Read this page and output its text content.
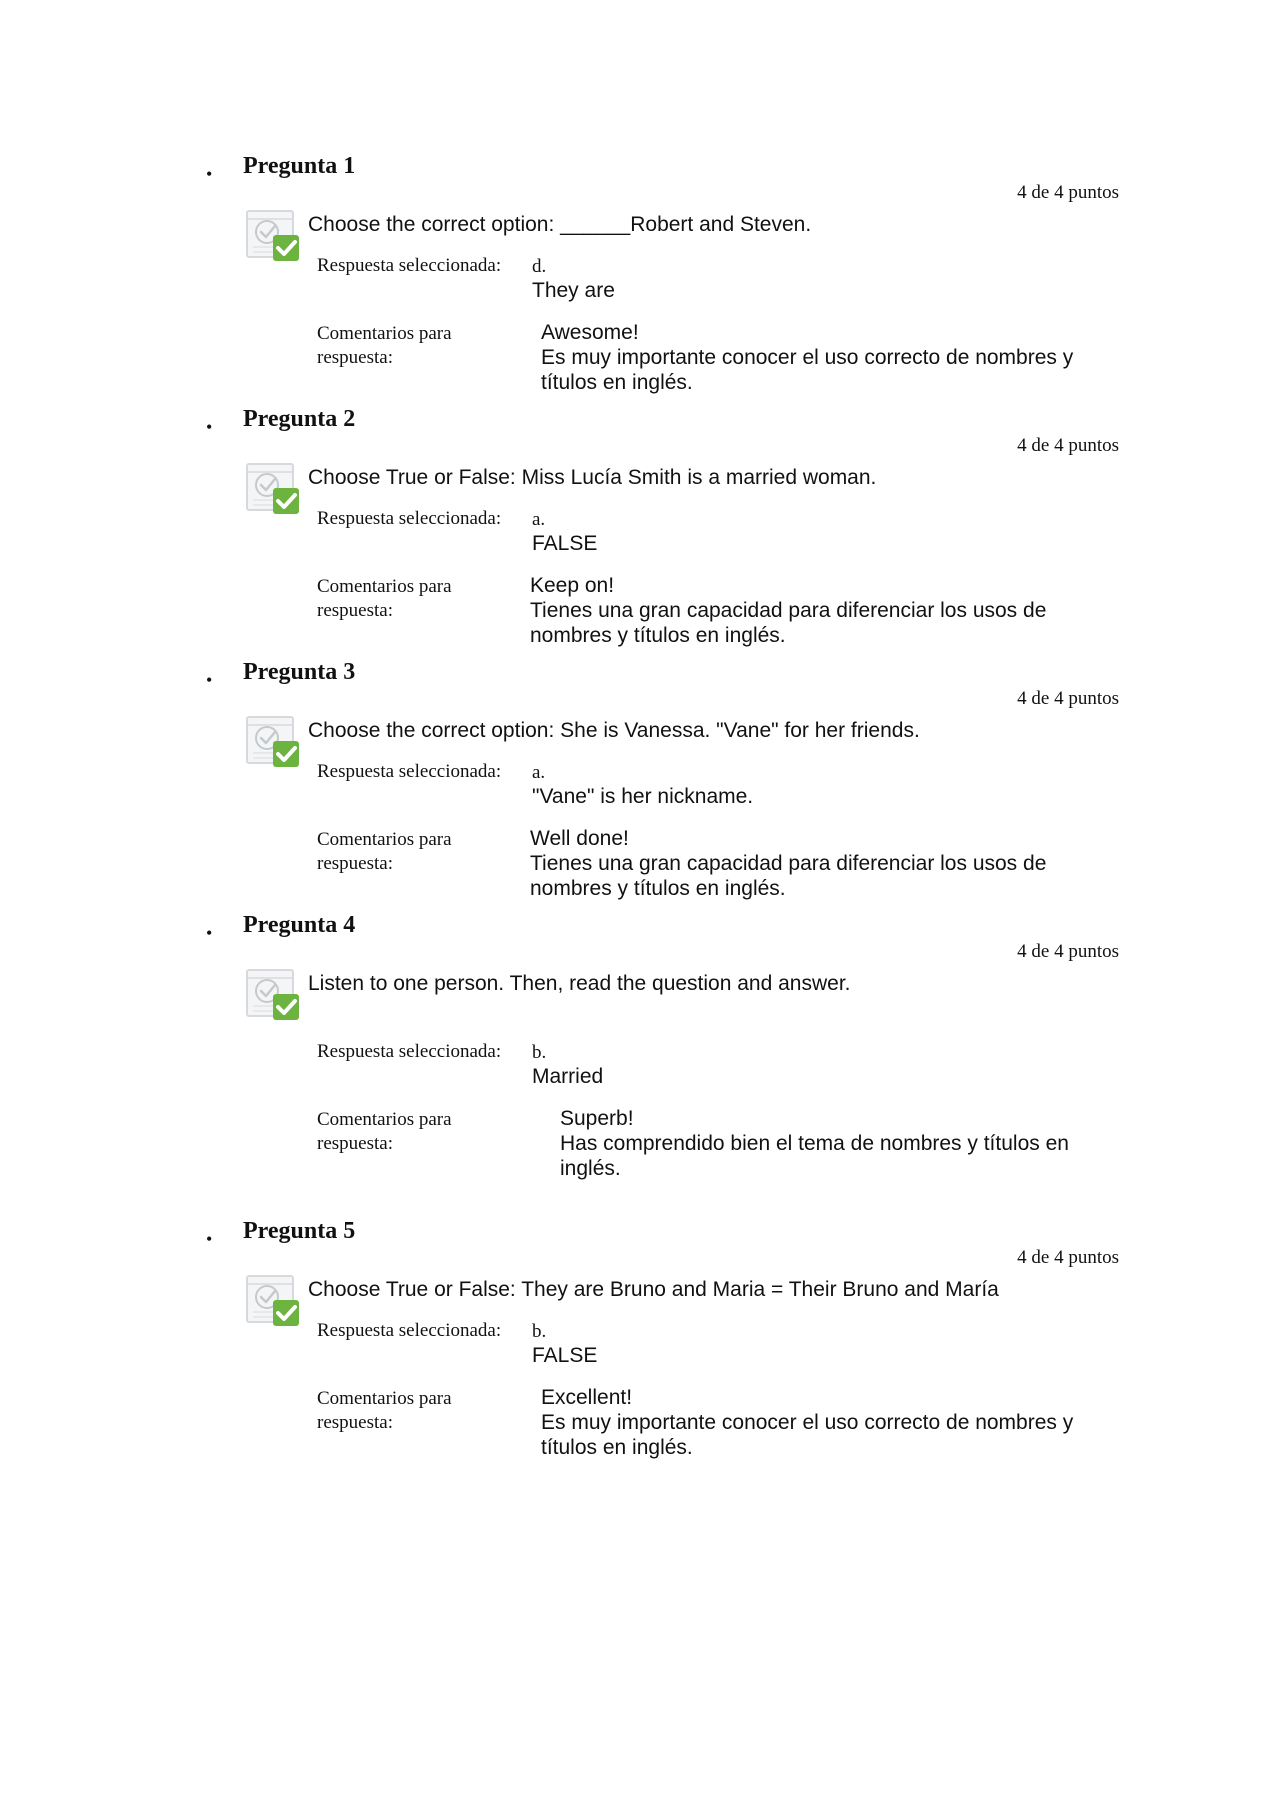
• Pregunta 1
4 de 4 puntos
Choose the correct option: ______Robert and Steven.
Respuesta seleccionada: d.
They are
Comentarios para respuesta:
Awesome!
Es muy importante conocer el uso correcto de nombres y títulos en inglés.
• Pregunta 2
4 de 4 puntos
Choose True or False: Miss Lucía Smith is a married woman.
Respuesta seleccionada: a.
FALSE
Comentarios para respuesta:
Keep on!
Tienes una gran capacidad para diferenciar los usos de nombres y títulos en inglés.
• Pregunta 3
4 de 4 puntos
Choose the correct option: She is Vanessa. "Vane" for her friends.
Respuesta seleccionada: a.
"Vane" is her nickname.
Comentarios para respuesta:
Well done!
Tienes una gran capacidad para diferenciar los usos de nombres y títulos en inglés.
• Pregunta 4
4 de 4 puntos
Listen to one person. Then, read the question and answer.
Respuesta seleccionada: b.
Married
Comentarios para respuesta:
Superb!
Has comprendido bien el tema de nombres y títulos en inglés.
• Pregunta 5
4 de 4 puntos
Choose True or False: They are Bruno and Maria = Their Bruno and María
Respuesta seleccionada: b.
FALSE
Comentarios para respuesta:
Excellent!
Es muy importante conocer el uso correcto de nombres y títulos en inglés.
